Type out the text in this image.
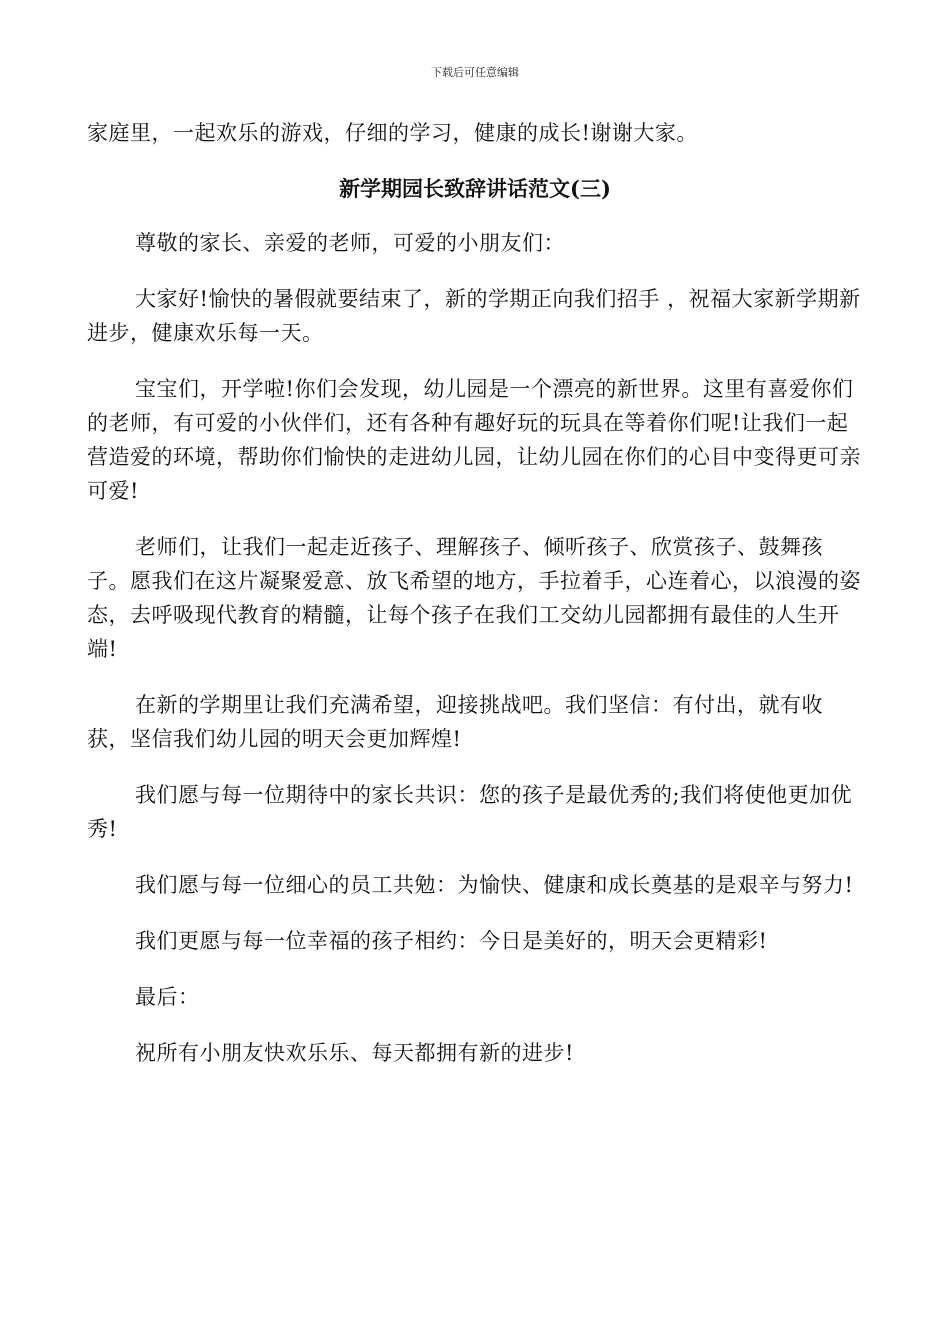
下载后可任意编辑

家庭里，一起欢乐的游戏，仔细的学习，健康的成长!谢谢大家。

新学期园长致辞讲话范文(三)

尊敬的家长、亲爱的老师，可爱的小朋友们：

大家好!愉快的暑假就要结束了，新的学期正向我们招手 ，祝福大家新学期新进步，健康欢乐每一天。

宝宝们，开学啦!你们会发现，幼儿园是一个漂亮的新世界。这里有喜爱你们的老师，有可爱的小伙伴们，还有各种有趣好玩的玩具在等着你们呢!让我们一起营造爱的环境，帮助你们愉快的走进幼儿园，让幼儿园在你们的心目中变得更可亲可爱!

老师们，让我们一起走近孩子、理解孩子、倾听孩子、欣赏孩子、鼓舞孩子。愿我们在这片凝聚爱意、放飞希望的地方，手拉着手，心连着心，以浪漫的姿态，去呼吸现代教育的精髓，让每个孩子在我们工交幼儿园都拥有最佳的人生开端!

在新的学期里让我们充满希望，迎接挑战吧。我们坚信：有付出，就有收获，坚信我们幼儿园的明天会更加辉煌!

我们愿与每一位期待中的家长共识：您的孩子是最优秀的;我们将使他更加优秀!

我们愿与每一位细心的员工共勉：为愉快、健康和成长奠基的是艰辛与努力!

我们更愿与每一位幸福的孩子相约：今日是美好的，明天会更精彩!

最后：

祝所有小朋友快欢乐乐、每天都拥有新的进步!
